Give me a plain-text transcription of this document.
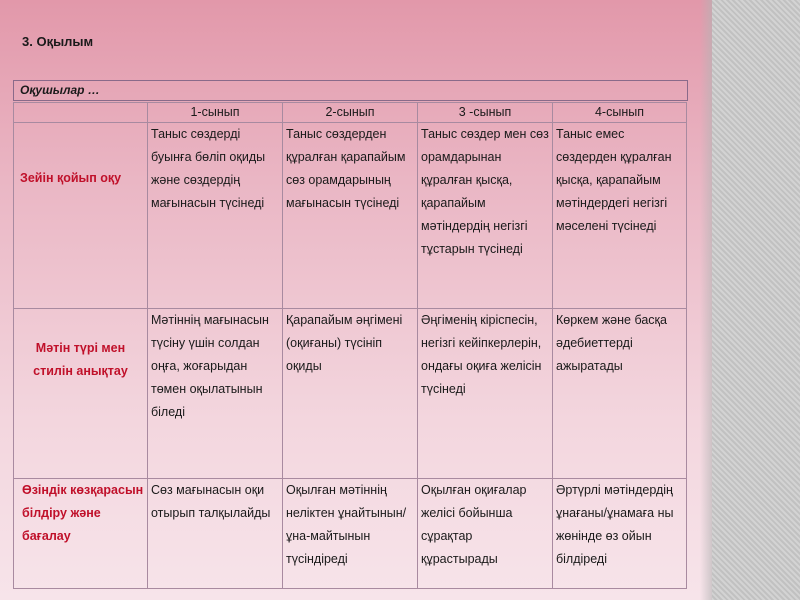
3. Оқылым
Оқушылар …
	1-сынып	2-сынып	3 -сынып	4-сынып
Зейін қойып оқу	Таныс сөздерді буынға бөліп оқиды және сөздердің мағынасын түсінеді	Таныс сөздерден құралған қарапайым сөз орамдарының мағынасын түсінеді	Таныс сөздер мен сөз орамдарынан құралған қысқа, қарапайым мәтіндердің негізгі тұстарын түсінеді	Таныс емес сөздерден құралған қысқа, қарапайым мәтіндердегі негізгі мәселені түсінеді
Мәтін түрі мен стилін анықтау	Мәтіннің мағынасын түсіну үшін солдан оңға, жоғарыдан төмен оқылатынын біледі	Қарапайым әңгімені (оқиғаны) түсініп оқиды	Әңгіменің кіріспесін, негізгі кейіпкерлерін, ондағы оқиға желісін түсінеді	Көркем және басқа әдебиеттерді ажыратады
Өзіндік көзқарасын білдіру және бағалау	Сөз мағынасын оқи отырып талқылайды	Оқылған мәтіннің неліктен ұнайтынын/ұна-майтынын түсіндіреді	Оқылған оқиғалар желісі бойынша сұрақтар құрастырады	Әртүрлі мәтіндердің ұнағаны/ұнамаға ны жөнінде өз ойын білдіреді
